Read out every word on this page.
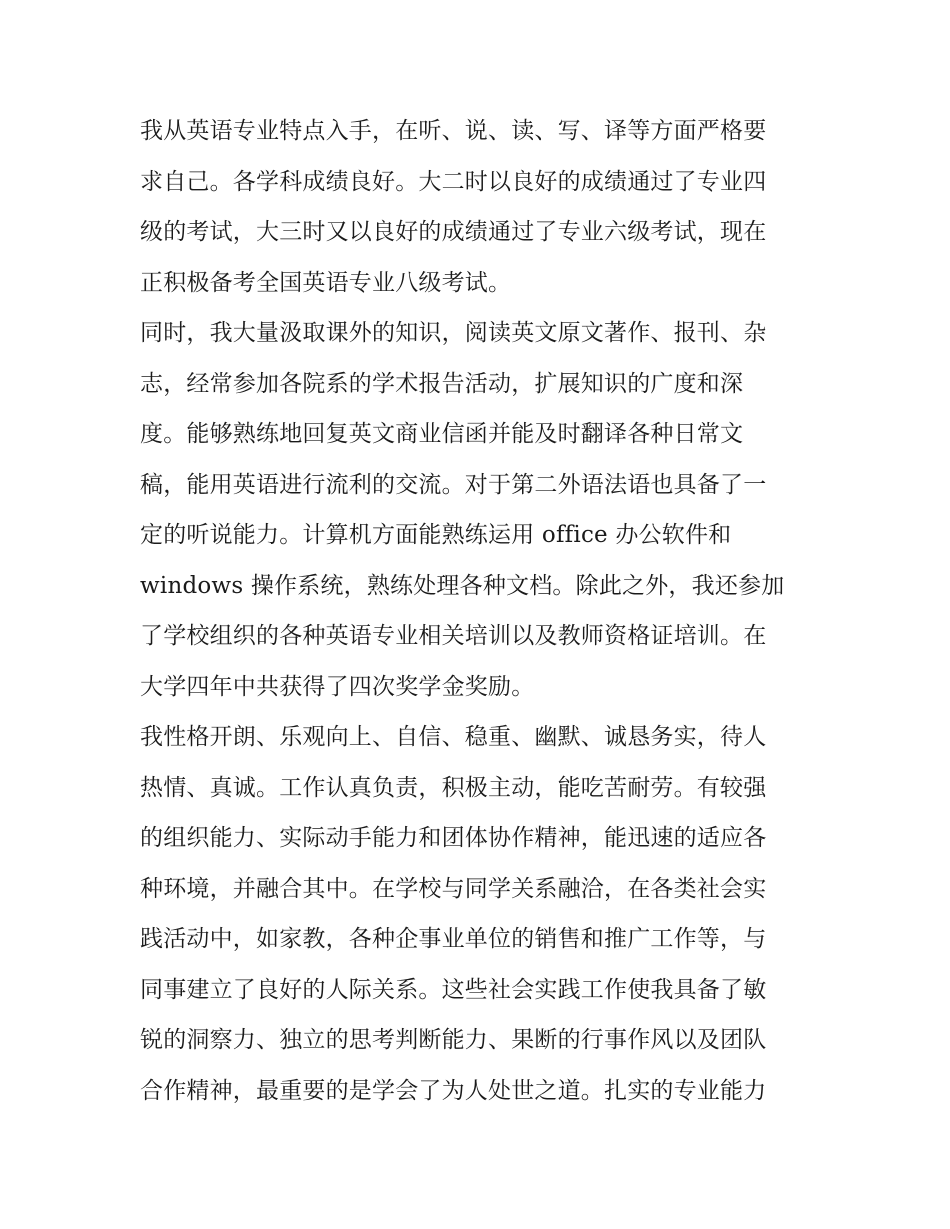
我从英语专业特点入手，在听、说、读、写、译等方面严格要
求自己。各学科成绩良好。大二时以良好的成绩通过了专业四
级的考试，大三时又以良好的成绩通过了专业六级考试，现在
正积极备考全国英语专业八级考试。
同时，我大量汲取课外的知识，阅读英文原文著作、报刊、杂
志，经常参加各院系的学术报告活动，扩展知识的广度和深
度。能够熟练地回复英文商业信函并能及时翻译各种日常文
稿，能用英语进行流利的交流。对于第二外语法语也具备了一
定的听说能力。计算机方面能熟练运用 office 办公软件和
windows 操作系统，熟练处理各种文档。除此之外，我还参加
了学校组织的各种英语专业相关培训以及教师资格证培训。在
大学四年中共获得了四次奖学金奖励。
我性格开朗、乐观向上、自信、稳重、幽默、诚恳务实，待人
热情、真诚。工作认真负责，积极主动，能吃苦耐劳。有较强
的组织能力、实际动手能力和团体协作精神，能迅速的适应各
种环境，并融合其中。在学校与同学关系融洽，在各类社会实
践活动中，如家教，各种企事业单位的销售和推广工作等，与
同事建立了良好的人际关系。这些社会实践工作使我具备了敏
锐的洞察力、独立的思考判断能力、果断的行事作风以及团队
合作精神，最重要的是学会了为人处世之道。扎实的专业能力
